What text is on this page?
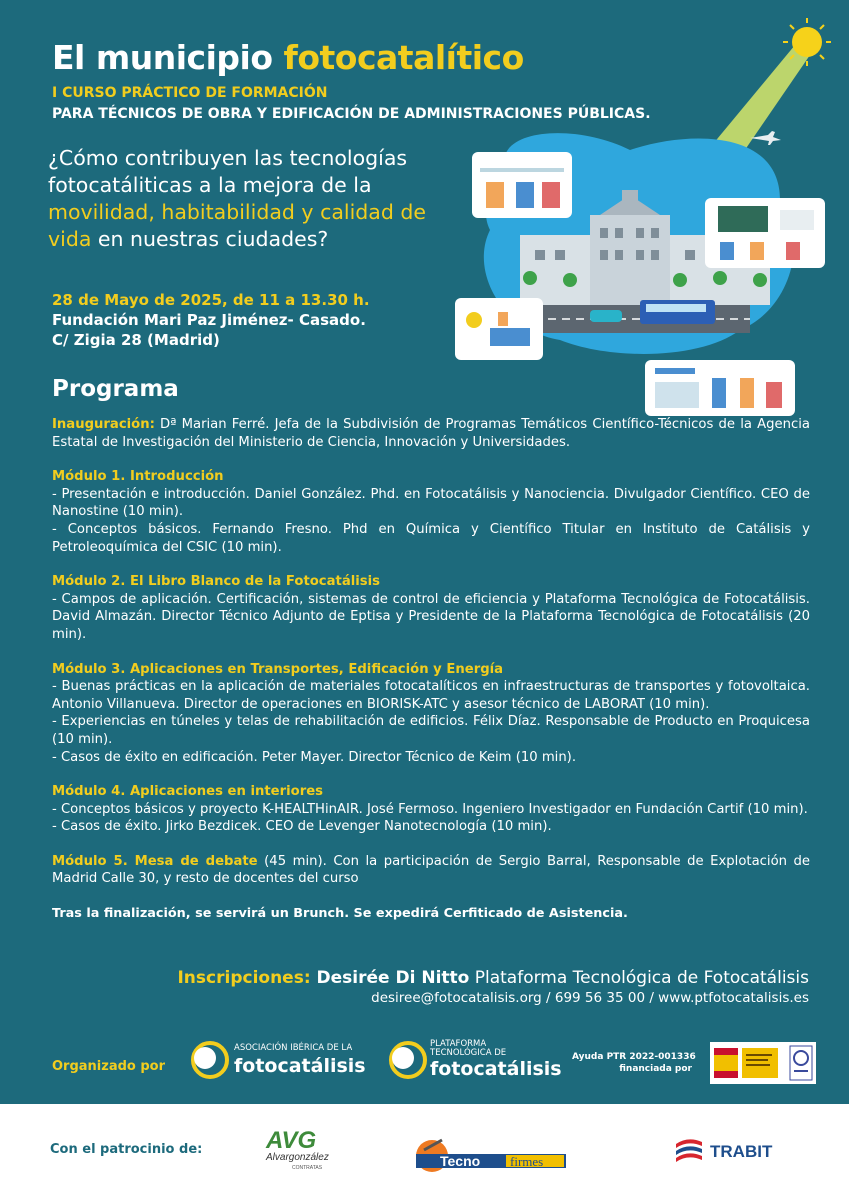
El municipio fotocatalítico
I CURSO PRÁCTICO DE FORMACIÓN
PARA TÉCNICOS DE OBRA Y EDIFICACIÓN DE ADMINISTRACIONES PÚBLICAS.
¿Cómo contribuyen las tecnologías fotocatáliticas a la mejora de la movilidad, habitabilidad y calidad de vida en nuestras ciudades?
28 de Mayo de 2025, de 11 a 13.30 h.
Fundación Mari Paz Jiménez- Casado.
C/ Zigia 28 (Madrid)
Programa

Inauguración: Dª Marian Ferré. Jefa de la Subdivisión de Programas Temáticos Científico-Técnicos de la Agencia Estatal de Investigación del Ministerio de Ciencia, Innovación y Universidades.

Módulo 1. Introducción

- Presentación e introducción. Daniel González. Phd. en Fotocatálisis y Nanociencia. Divulgador Científico. CEO de Nanostine (10 min).

- Conceptos básicos. Fernando Fresno. Phd en Química y Científico Titular en Instituto de Catálisis y Petroleoquímica del CSIC (10 min).

Módulo 2. El Libro Blanco de la Fotocatálisis

- Campos de aplicación. Certificación, sistemas de control de eficiencia y Plataforma Tecnológica de Fotocatálisis. David Almazán. Director Técnico Adjunto de Eptisa y Presidente de la Plataforma Tecnológica de Fotocatálisis (20 min).

Módulo 3. Aplicaciones en Transportes, Edificación y Energía

- Buenas prácticas en la aplicación de materiales fotocatalíticos en infraestructuras de transportes y fotovoltaica. Antonio Villanueva. Director de operaciones en BIORISK-ATC y asesor técnico de LABORAT (10 min).

- Experiencias en túneles y telas de rehabilitación de edificios. Félix Díaz. Responsable de Producto en Proquicesa (10 min).

- Casos de éxito en edificación. Peter Mayer. Director Técnico de Keim (10 min).

Módulo 4. Aplicaciones en interiores

- Conceptos básicos y proyecto K-HEALTHinAIR. José Fermoso. Ingeniero Investigador en Fundación Cartif (10 min).

- Casos de éxito. Jirko Bezdicek. CEO de Levenger Nanotecnología (10 min).

Módulo 5. Mesa de debate (45 min). Con la participación de Sergio Barral, Responsable de Explotación de Madrid Calle 30, y resto de docentes del curso

Tras la finalización, se servirá un Brunch. Se expedirá Cerfiticado de Asistencia.

Inscripciones: Desirée Di Nitto Plataforma Tecnológica de Fotocatálisis
desiree@fotocatalisis.org / 699 56 35 00 / www.ptfotocatalisis.es
Organizado por
ASOCIACIÓN IBÉRICA DE LA
fotocatálisis
PLATAFORMA
TECNOLÓGICA DE
fotocatálisis
Ayuda PTR 2022-001336
financiada por
Con el patrocinio de:	AVG
Alvargonzález
CONTRATAS	Tecno firmes
TRABIT
